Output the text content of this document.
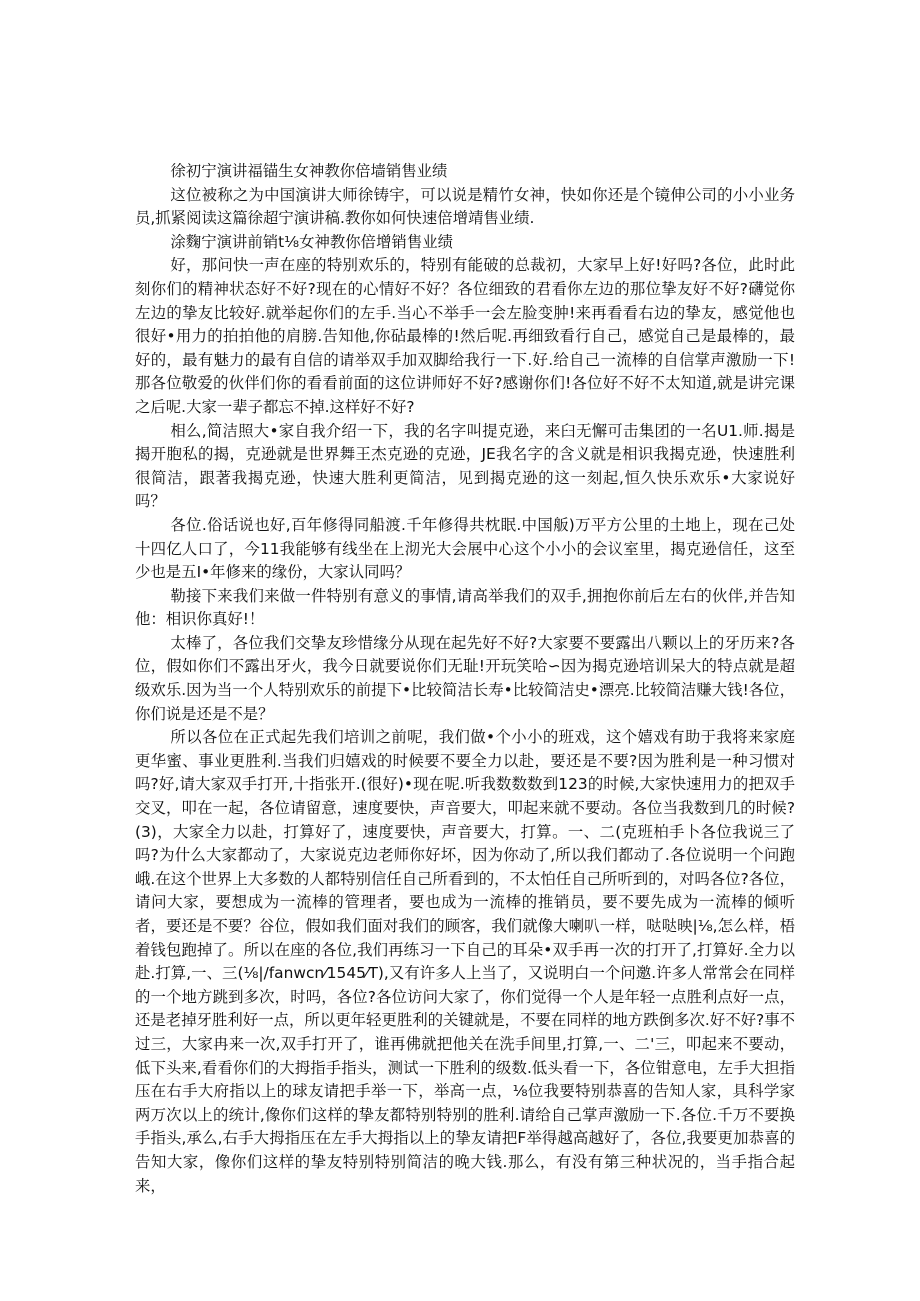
徐初宁演讲福锚生女神教你倍墙销售业绩

这位被称之为中国演讲大师徐铸宇，可以说是精竹女神，快如你还是个镜伸公司的小小业务员,抓紧阅读这篇徐超宁演讲稿.教你如何快速倍增靖售业绩.

涂麴宁演讲前销t⅛女神教你倍增销售业绩

好，那问快一声在座的特别欢乐的，特别有能破的总裁初，大家早上好!好吗?各位，此时此刻你们的精神状态好不好?现在的心情好不好？各位细致的君看你左边的那位挚友好不好?礴觉你左边的挚友比较好.就举起你们的左手.当心不举手一会左脸变肿!来再看看右边的挚友，感觉他也很好•用力的拍拍他的肩膀.告知他,你砧最棒的!然后呢.再细致看行自己，感觉自己是最棒的，最好的，最有魅力的最有自信的请举双手加双脚给我行一下.好.给自己一流棒的自信掌声激励一下!那各位敬爱的伙伴们你的看看前面的这位讲师好不好?感谢你们!各位好不好不太知道,就是讲完课之后呢.大家一辈子都忘不掉.这样好不好?

相么,简洁照大•家自我介绍一下，我的名字叫提克逊，来臼无懈可击集团的一名U1.师.揭是揭开胞私的揭，克逊就是世界舞王杰克逊的克逊，JE我名字的含义就是相识我揭克逊，快速胜利很简洁，跟著我揭克逊，快速大胜利更简洁，见到揭克逊的这一刻起,恒久快乐欢乐•大家说好吗？

各位.俗话说也好,百年修得同船渡.千年修得共枕眠.中国舨)万平方公里的土地上，现在己处十四亿人口了，今11我能够有线坐在上沏光大会展中心这个小小的会议室里，揭克逊信任，这至少也是五I•年修来的缘份，大家认同吗？

勒接下来我们来做一件特别有意义的事情,请高举我们的双手,拥抱你前后左右的伙伴,并告知他：相识你真好!！

太棒了，各位我们交挚友珍惜缘分从现在起先好不好?大家要不要露出八颗以上的牙历来?各位，假如你们不露出牙火，我今日就要说你们无耻!开玩笑哈∽因为揭克逊培训呆大的特点就是超级欢乐.因为当一个人特别欢乐的前提下•比较简洁长寿•比较简洁史•漂亮.比较简洁赚大钱!各位，你们说是还是不是？

所以各位在正式起先我们培训之前呢，我们做•个小小的班戏，这个嬉戏有助于我将来家庭更华蜜、事业更胜利.当我们归嬉戏的时候要不要全力以赴，要还是不要?因为胜利是一种习惯对吗?好,请大家双手打开,十指张开.(很好)•现在呢.听我数数数到123的时候,大家快速用力的把双手交叉，叩在一起，各位请留意，速度要快，声音要大，叩起来就不要动。各位当我数到几的时候?(3)，大家全力以赴，打算好了，速度要快，声音要大，打算。一、二(克班柏手卜各位我说三了吗?为什么大家都动了，大家说克边老师你好坏，因为你动了,所以我们都动了.各位说明一个问跑峨.在这个世界上大多数的人都特别信任自己所看到的，不太怕任自己所听到的，对吗各位?各位，请问大家，要想成为一流棒的管理者，要也成为一流棒的推销员，要不要先成为一流棒的倾听者，要还是不要？谷位，假如我们面对我们的顾客，我们就像大喇叭一样，哒哒映|⅛,怎么样，梧着钱包跑掉了。所以在座的各位,我们再练习一下自己的耳朵•双手再一次的打开了,打算好.全力以赴.打算,一、三(⅛|/fanwcn⁄1545⁄T),又有许多人上当了，又说明白一个问邀.许多人常常会在同样的一个地方跳到多次，时吗，各位?各位访问大家了，你们觉得一个人是年轻一点胜利点好一点，还是老掉牙胜利好一点，所以更年轻更胜利的关键就是，不要在同样的地方跌倒多次.好不好?事不过三，大家冉来一次,双手打开了，谁再佛就把他关在洗手间里,打算,一、二'三，叩起来不要动，低下头来,看看你们的大拇指手指头，测试一下胜利的级数.低头看一下，各位钳意电，左手大担指压在右手大府指以上的球友请把手举一下，举高一点，⅛位我要特别恭喜的告知人家，具科学家两万次以上的统计,像你们这样的挚友都特别特别的胜利.请给自己掌声激励一下.各位.千万不要换手指头,承么,右手大拇指压在左手大拇指以上的挚友请把F举得越高越好了，各位,我要更加恭喜的告知大家，像你们这样的挚友特别特别简洁的晚大钱.那么，有没有第三种状况的，当手指合起来，
